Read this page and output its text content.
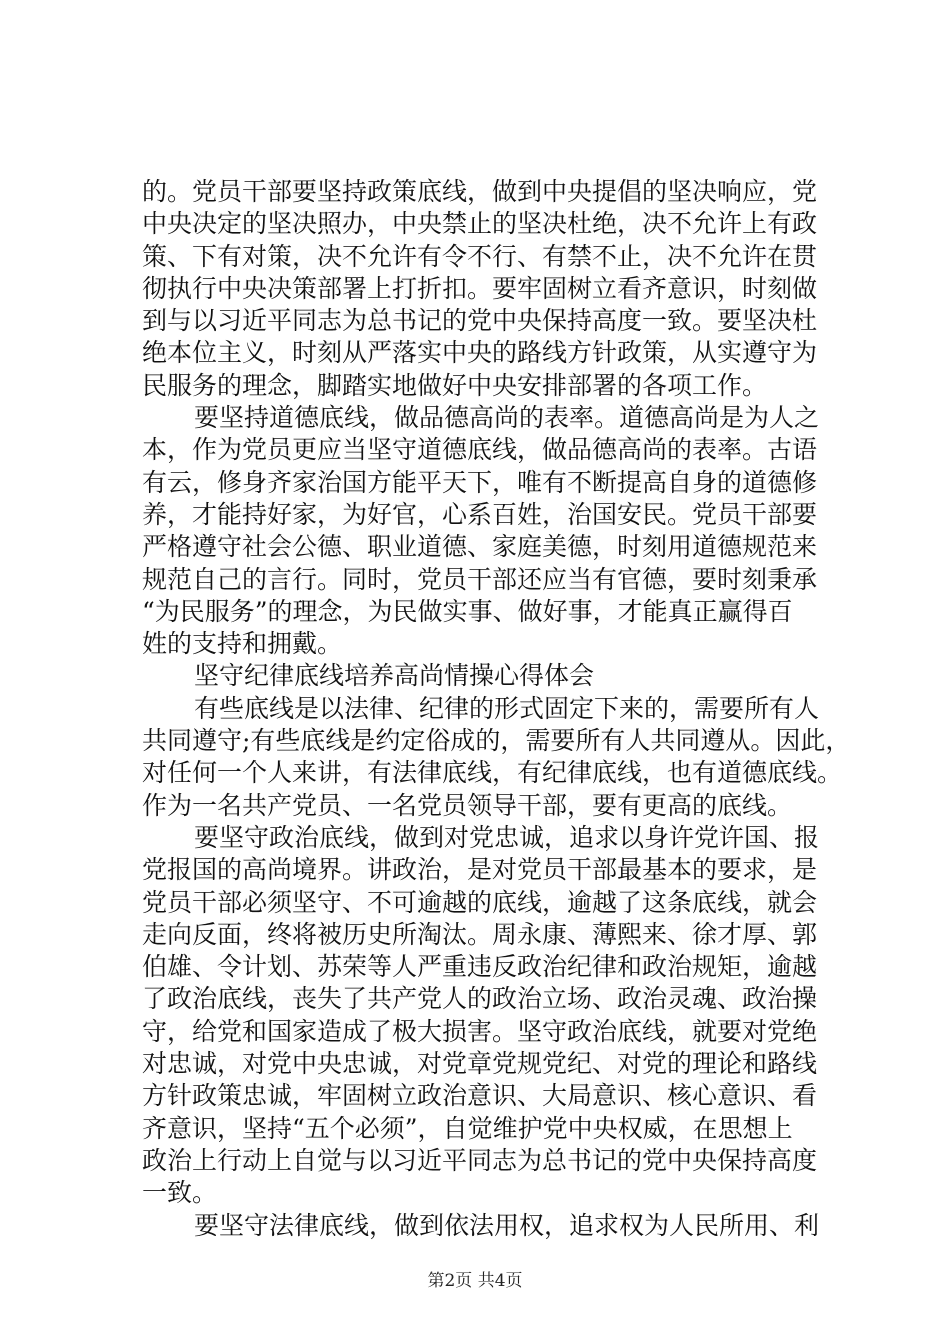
的。党员干部要坚持政策底线，做到中央提倡的坚决响应，党
中央决定的坚决照办，中央禁止的坚决杜绝，决不允许上有政
策、下有对策，决不允许有令不行、有禁不止，决不允许在贯
彻执行中央决策部署上打折扣。要牢固树立看齐意识，时刻做
到与以习近平同志为总书记的党中央保持高度一致。要坚决杜
绝本位主义，时刻从严落实中央的路线方针政策，从实遵守为
民服务的理念，脚踏实地做好中央安排部署的各项工作。
要坚持道德底线，做品德高尚的表率。道德高尚是为人之
本，作为党员更应当坚守道德底线，做品德高尚的表率。古语
有云，修身齐家治国方能平天下，唯有不断提高自身的道德修
养，才能持好家，为好官，心系百姓，治国安民。党员干部要
严格遵守社会公德、职业道德、家庭美德，时刻用道德规范来
规范自己的言行。同时，党员干部还应当有官德，要时刻秉承
“为民服务”的理念，为民做实事、做好事，才能真正赢得百
姓的支持和拥戴。
坚守纪律底线培养高尚情操心得体会
有些底线是以法律、纪律的形式固定下来的，需要所有人
共同遵守;有些底线是约定俗成的，需要所有人共同遵从。因此，
对任何一个人来讲，有法律底线，有纪律底线，也有道德底线。
作为一名共产党员、一名党员领导干部，要有更高的底线。
要坚守政治底线，做到对党忠诚，追求以身许党许国、报
党报国的高尚境界。讲政治，是对党员干部最基本的要求，是
党员干部必须坚守、不可逾越的底线，逾越了这条底线，就会
走向反面，终将被历史所淘汰。周永康、薄熙来、徐才厚、郭
伯雄、令计划、苏荣等人严重违反政治纪律和政治规矩，逾越
了政治底线，丧失了共产党人的政治立场、政治灵魂、政治操
守，给党和国家造成了极大损害。坚守政治底线，就要对党绝
对忠诚，对党中央忠诚，对党章党规党纪、对党的理论和路线
方针政策忠诚，牢固树立政治意识、大局意识、核心意识、看
齐意识，坚持“五个必须”，自觉维护党中央权威，在思想上
政治上行动上自觉与以习近平同志为总书记的党中央保持高度
一致。
要坚守法律底线，做到依法用权，追求权为人民所用、利
第2页 共4页
